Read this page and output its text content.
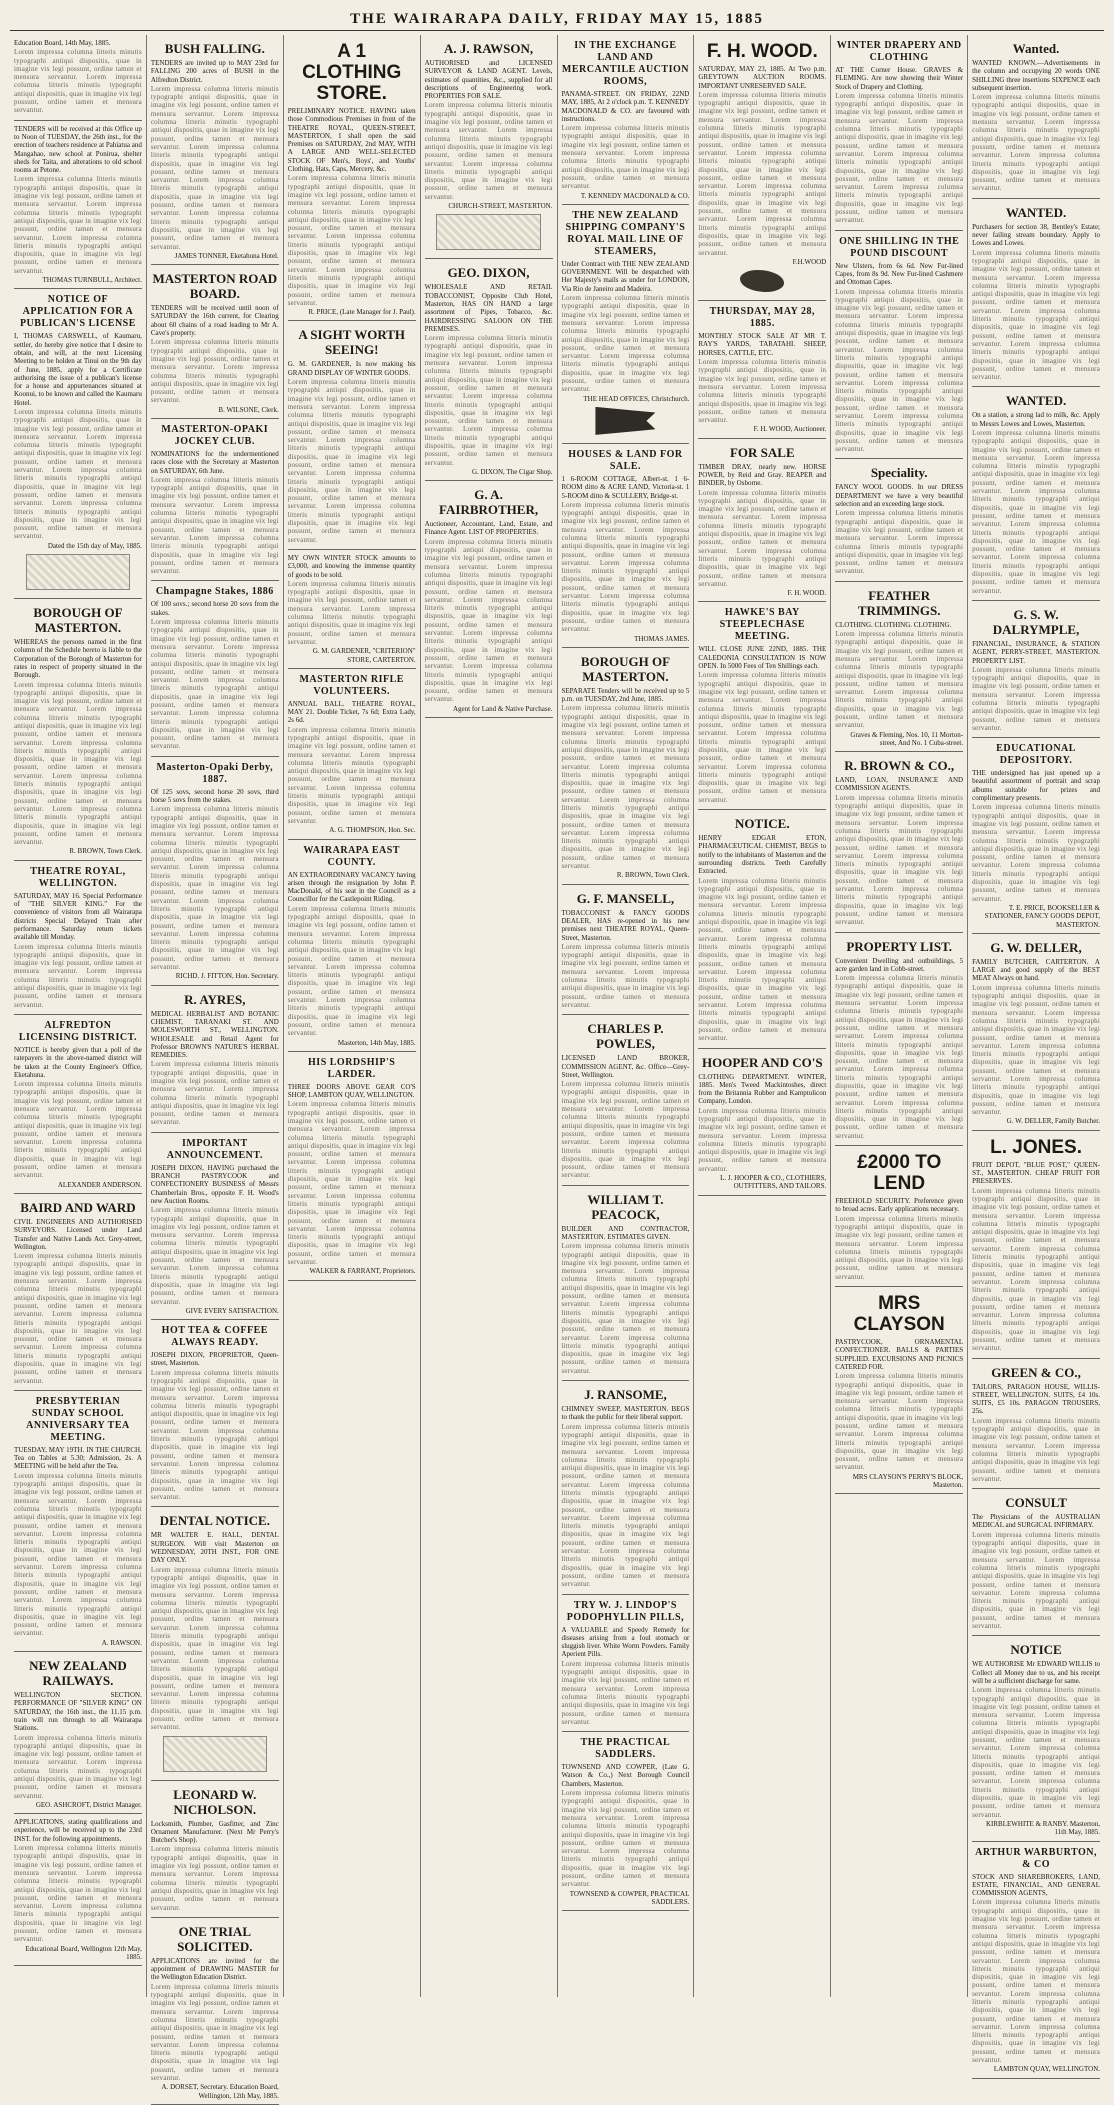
THE WAIRARAPA DAILY, FRIDAY MAY 15, 1885
Education Board, 14th May, 1885.
Lorem impressa columna litteris minutis typographi antiqui dispositis, quae in imagine vix legi possunt, ordine tamen et mensura servantur. Lorem impressa columna litteris minutis typographi antiqui dispositis, quae in imagine vix legi possunt, ordine tamen et mensura servantur.
TENDERS will be received at this Office up to Noon of TUESDAY, the 26th inst., for the erection of teachers residence at Pahiatua and Mangahao, new school at Ponirua, shelter sheds for Taita, and alterations to old school rooms at Petone.
Lorem impressa columna litteris minutis typographi antiqui dispositis, quae in imagine vix legi possunt, ordine tamen et mensura servantur. Lorem impressa columna litteris minutis typographi antiqui dispositis, quae in imagine vix legi possunt, ordine tamen et mensura servantur. Lorem impressa columna litteris minutis typographi antiqui dispositis, quae in imagine vix legi possunt, ordine tamen et mensura servantur.
THOMAS TURNBULL, Architect.
NOTICE OF APPLICATION FOR A PUBLICAN'S LICENSE
I, THOMAS CARSWELL, of Kaumaru, settler, do hereby give notice that I desire to obtain, and will, at the next Licensing Meeting to be holden at Tinui on the 9th day of June, 1885, apply for a Certificate authorising the issue of a publican's license for a house and appurtenances situated at Koonui, to be known and called the Kaumaru Hotel.
Lorem impressa columna litteris minutis typographi antiqui dispositis, quae in imagine vix legi possunt, ordine tamen et mensura servantur. Lorem impressa columna litteris minutis typographi antiqui dispositis, quae in imagine vix legi possunt, ordine tamen et mensura servantur. Lorem impressa columna litteris minutis typographi antiqui dispositis, quae in imagine vix legi possunt, ordine tamen et mensura servantur. Lorem impressa columna litteris minutis typographi antiqui dispositis, quae in imagine vix legi possunt, ordine tamen et mensura servantur.
Dated the 15th day of May, 1885.
BOROUGH OF MASTERTON.
WHEREAS the persons named in the first column of the Schedule hereto is liable to the Corporation of the Borough of Masterton for rates in respect of property situated in the Borough.
Lorem impressa columna litteris minutis typographi antiqui dispositis, quae in imagine vix legi possunt, ordine tamen et mensura servantur. Lorem impressa columna litteris minutis typographi antiqui dispositis, quae in imagine vix legi possunt, ordine tamen et mensura servantur. Lorem impressa columna litteris minutis typographi antiqui dispositis, quae in imagine vix legi possunt, ordine tamen et mensura servantur. Lorem impressa columna litteris minutis typographi antiqui dispositis, quae in imagine vix legi possunt, ordine tamen et mensura servantur. Lorem impressa columna litteris minutis typographi antiqui dispositis, quae in imagine vix legi possunt, ordine tamen et mensura servantur.
R. BROWN, Town Clerk.
THEATRE ROYAL, WELLINGTON.
SATURDAY, MAY 16. Special Performance of "THE SILVER KING." For the convenience of visitors from all Wairarapa districts Special Delayed Train after performance. Saturday return tickets available till Monday.
Lorem impressa columna litteris minutis typographi antiqui dispositis, quae in imagine vix legi possunt, ordine tamen et mensura servantur. Lorem impressa columna litteris minutis typographi antiqui dispositis, quae in imagine vix legi possunt, ordine tamen et mensura servantur.
ALFREDTON LICENSING DISTRICT.
NOTICE is hereby given that a poll of the ratepayers in the above-named district will be taken at the County Engineer's Office, Eketahuna.
Lorem impressa columna litteris minutis typographi antiqui dispositis, quae in imagine vix legi possunt, ordine tamen et mensura servantur. Lorem impressa columna litteris minutis typographi antiqui dispositis, quae in imagine vix legi possunt, ordine tamen et mensura servantur. Lorem impressa columna litteris minutis typographi antiqui dispositis, quae in imagine vix legi possunt, ordine tamen et mensura servantur.
ALEXANDER ANDERSON.
BAIRD AND WARD
CIVIL ENGINEERS AND AUTHORISED SURVEYORS. Licensed under Land Transfer and Native Lands Act. Grey-street, Wellington.
Lorem impressa columna litteris minutis typographi antiqui dispositis, quae in imagine vix legi possunt, ordine tamen et mensura servantur. Lorem impressa columna litteris minutis typographi antiqui dispositis, quae in imagine vix legi possunt, ordine tamen et mensura servantur. Lorem impressa columna litteris minutis typographi antiqui dispositis, quae in imagine vix legi possunt, ordine tamen et mensura servantur. Lorem impressa columna litteris minutis typographi antiqui dispositis, quae in imagine vix legi possunt, ordine tamen et mensura servantur.
PRESBYTERIAN SUNDAY SCHOOL ANNIVERSARY TEA MEETING.
TUESDAY, MAY 19TH. IN THE CHURCH. Tea on Tables at 5.30; Admission, 2s. A MEETING will be held after the Tea.
Lorem impressa columna litteris minutis typographi antiqui dispositis, quae in imagine vix legi possunt, ordine tamen et mensura servantur. Lorem impressa columna litteris minutis typographi antiqui dispositis, quae in imagine vix legi possunt, ordine tamen et mensura servantur. Lorem impressa columna litteris minutis typographi antiqui dispositis, quae in imagine vix legi possunt, ordine tamen et mensura servantur. Lorem impressa columna litteris minutis typographi antiqui dispositis, quae in imagine vix legi possunt, ordine tamen et mensura servantur. Lorem impressa columna litteris minutis typographi antiqui dispositis, quae in imagine vix legi possunt, ordine tamen et mensura servantur.
A. RAWSON.
NEW ZEALAND RAILWAYS.
WELLINGTON SECTION. PERFORMANCE OF "SILVER KING" ON SATURDAY, the 16th inst., the 11.15 p.m. train will run through to all Wairarapa Stations.
Lorem impressa columna litteris minutis typographi antiqui dispositis, quae in imagine vix legi possunt, ordine tamen et mensura servantur. Lorem impressa columna litteris minutis typographi antiqui dispositis, quae in imagine vix legi possunt, ordine tamen et mensura servantur.
GEO. ASHCROFT, District Manager.
APPLICATIONS, stating qualifications and experience, will be received up to the 23rd INST. for the following appointments.
Lorem impressa columna litteris minutis typographi antiqui dispositis, quae in imagine vix legi possunt, ordine tamen et mensura servantur. Lorem impressa columna litteris minutis typographi antiqui dispositis, quae in imagine vix legi possunt, ordine tamen et mensura servantur. Lorem impressa columna litteris minutis typographi antiqui dispositis, quae in imagine vix legi possunt, ordine tamen et mensura servantur.
Educational Board, Wellington 12th May, 1885.
BUSH FALLING.
TENDERS are invited up to MAY 23rd for FALLING 200 acres of BUSH in the Alfredton District.
Lorem impressa columna litteris minutis typographi antiqui dispositis, quae in imagine vix legi possunt, ordine tamen et mensura servantur. Lorem impressa columna litteris minutis typographi antiqui dispositis, quae in imagine vix legi possunt, ordine tamen et mensura servantur. Lorem impressa columna litteris minutis typographi antiqui dispositis, quae in imagine vix legi possunt, ordine tamen et mensura servantur. Lorem impressa columna litteris minutis typographi antiqui dispositis, quae in imagine vix legi possunt, ordine tamen et mensura servantur. Lorem impressa columna litteris minutis typographi antiqui dispositis, quae in imagine vix legi possunt, ordine tamen et mensura servantur.
JAMES TONNER, Eketahuna Hotel.
MASTERTON ROAD BOARD.
TENDERS will be received until noon of SATURDAY the 16th current, for Clearing about 60 chains of a road leading to Mr A. Cave's property.
Lorem impressa columna litteris minutis typographi antiqui dispositis, quae in imagine vix legi possunt, ordine tamen et mensura servantur. Lorem impressa columna litteris minutis typographi antiqui dispositis, quae in imagine vix legi possunt, ordine tamen et mensura servantur.
B. WILSONE, Clerk.
MASTERTON-OPAKI JOCKEY CLUB.
NOMINATIONS for the undermentioned races close with the Secretary at Masterton on SATURDAY, 6th June.
Lorem impressa columna litteris minutis typographi antiqui dispositis, quae in imagine vix legi possunt, ordine tamen et mensura servantur. Lorem impressa columna litteris minutis typographi antiqui dispositis, quae in imagine vix legi possunt, ordine tamen et mensura servantur. Lorem impressa columna litteris minutis typographi antiqui dispositis, quae in imagine vix legi possunt, ordine tamen et mensura servantur.
Champagne Stakes, 1886
Of 100 sovs.; second horse 20 sovs from the stakes.
Lorem impressa columna litteris minutis typographi antiqui dispositis, quae in imagine vix legi possunt, ordine tamen et mensura servantur. Lorem impressa columna litteris minutis typographi antiqui dispositis, quae in imagine vix legi possunt, ordine tamen et mensura servantur. Lorem impressa columna litteris minutis typographi antiqui dispositis, quae in imagine vix legi possunt, ordine tamen et mensura servantur. Lorem impressa columna litteris minutis typographi antiqui dispositis, quae in imagine vix legi possunt, ordine tamen et mensura servantur.
Masterton-Opaki Derby, 1887.
Of 125 sovs, second horse 20 sovs, third horse 5 sovs from the stakes.
Lorem impressa columna litteris minutis typographi antiqui dispositis, quae in imagine vix legi possunt, ordine tamen et mensura servantur. Lorem impressa columna litteris minutis typographi antiqui dispositis, quae in imagine vix legi possunt, ordine tamen et mensura servantur. Lorem impressa columna litteris minutis typographi antiqui dispositis, quae in imagine vix legi possunt, ordine tamen et mensura servantur. Lorem impressa columna litteris minutis typographi antiqui dispositis, quae in imagine vix legi possunt, ordine tamen et mensura servantur. Lorem impressa columna litteris minutis typographi antiqui dispositis, quae in imagine vix legi possunt, ordine tamen et mensura servantur.
RICHD. J. FITTON, Hon. Secretary.
R. AYRES,
MEDICAL HERBALIST AND BOTANIC CHEMIST, TARANAKI ST. AND MOLESWORTH ST., WELLINGTON. WHOLESALE and Retail Agent for Professor BROWN'S NATURE'S HERBAL REMEDIES.
Lorem impressa columna litteris minutis typographi antiqui dispositis, quae in imagine vix legi possunt, ordine tamen et mensura servantur. Lorem impressa columna litteris minutis typographi antiqui dispositis, quae in imagine vix legi possunt, ordine tamen et mensura servantur.
IMPORTANT ANNOUNCEMENT.
JOSEPH DIXON, HAVING purchased the BRANCH PASTRYCOOK and CONFECTIONERY BUSINESS of Messrs Chamberlain Bros., opposite F. H. Wood's new Auction Rooms.
Lorem impressa columna litteris minutis typographi antiqui dispositis, quae in imagine vix legi possunt, ordine tamen et mensura servantur. Lorem impressa columna litteris minutis typographi antiqui dispositis, quae in imagine vix legi possunt, ordine tamen et mensura servantur. Lorem impressa columna litteris minutis typographi antiqui dispositis, quae in imagine vix legi possunt, ordine tamen et mensura servantur.
GIVE EVERY SATISFACTION.
HOT TEA & COFFEE ALWAYS READY.
JOSEPH DIXON, PROPRIETOR, Queen-street, Masterton.
Lorem impressa columna litteris minutis typographi antiqui dispositis, quae in imagine vix legi possunt, ordine tamen et mensura servantur. Lorem impressa columna litteris minutis typographi antiqui dispositis, quae in imagine vix legi possunt, ordine tamen et mensura servantur. Lorem impressa columna litteris minutis typographi antiqui dispositis, quae in imagine vix legi possunt, ordine tamen et mensura servantur. Lorem impressa columna litteris minutis typographi antiqui dispositis, quae in imagine vix legi possunt, ordine tamen et mensura servantur.
DENTAL NOTICE.
MR WALTER E. HALL, DENTAL SURGEON. Will visit Masterton on WEDNESDAY, 20TH INST., FOR ONE DAY ONLY.
Lorem impressa columna litteris minutis typographi antiqui dispositis, quae in imagine vix legi possunt, ordine tamen et mensura servantur. Lorem impressa columna litteris minutis typographi antiqui dispositis, quae in imagine vix legi possunt, ordine tamen et mensura servantur. Lorem impressa columna litteris minutis typographi antiqui dispositis, quae in imagine vix legi possunt, ordine tamen et mensura servantur. Lorem impressa columna litteris minutis typographi antiqui dispositis, quae in imagine vix legi possunt, ordine tamen et mensura servantur. Lorem impressa columna litteris minutis typographi antiqui dispositis, quae in imagine vix legi possunt, ordine tamen et mensura servantur.
LEONARD W. NICHOLSON.
Locksmith, Plumber, Gasfitter, and Zinc Ornament Manufacturer. (Next Mr Perry's Butcher's Shop).
Lorem impressa columna litteris minutis typographi antiqui dispositis, quae in imagine vix legi possunt, ordine tamen et mensura servantur. Lorem impressa columna litteris minutis typographi antiqui dispositis, quae in imagine vix legi possunt, ordine tamen et mensura servantur.
ONE TRIAL SOLICITED.
APPLICATIONS are invited for the appointment of DRAWING MASTER for the Wellington Education District.
Lorem impressa columna litteris minutis typographi antiqui dispositis, quae in imagine vix legi possunt, ordine tamen et mensura servantur. Lorem impressa columna litteris minutis typographi antiqui dispositis, quae in imagine vix legi possunt, ordine tamen et mensura servantur. Lorem impressa columna litteris minutis typographi antiqui dispositis, quae in imagine vix legi possunt, ordine tamen et mensura servantur.
A. DORSET, Secretary. Education Board, Wellington, 12th May, 1885.
A 1 CLOTHING STORE.
PRELIMINARY NOTICE. HAVING taken those Commodious Premises in front of the THEATRE ROYAL, QUEEN-STREET, MASTERTON, I shall open the said Premises on SATURDAY, 2nd MAY, WITH A LARGE AND WELL-SELECTED STOCK OF Men's, Boys', and Youths' Clothing, Hats, Caps, Mercery, &c.
Lorem impressa columna litteris minutis typographi antiqui dispositis, quae in imagine vix legi possunt, ordine tamen et mensura servantur. Lorem impressa columna litteris minutis typographi antiqui dispositis, quae in imagine vix legi possunt, ordine tamen et mensura servantur. Lorem impressa columna litteris minutis typographi antiqui dispositis, quae in imagine vix legi possunt, ordine tamen et mensura servantur. Lorem impressa columna litteris minutis typographi antiqui dispositis, quae in imagine vix legi possunt, ordine tamen et mensura servantur.
R. PRICE, (Late Manager for J. Paul).
A SIGHT WORTH SEEING!
G. M. GARDENER, Is now making his GRAND DISPLAY OF WINTER GOODS.
Lorem impressa columna litteris minutis typographi antiqui dispositis, quae in imagine vix legi possunt, ordine tamen et mensura servantur. Lorem impressa columna litteris minutis typographi antiqui dispositis, quae in imagine vix legi possunt, ordine tamen et mensura servantur. Lorem impressa columna litteris minutis typographi antiqui dispositis, quae in imagine vix legi possunt, ordine tamen et mensura servantur. Lorem impressa columna litteris minutis typographi antiqui dispositis, quae in imagine vix legi possunt, ordine tamen et mensura servantur. Lorem impressa columna litteris minutis typographi antiqui dispositis, quae in imagine vix legi possunt, ordine tamen et mensura servantur.
MY OWN WINTER STOCK amounts to £3,000, and knowing the immense quantity of goods to be sold.
Lorem impressa columna litteris minutis typographi antiqui dispositis, quae in imagine vix legi possunt, ordine tamen et mensura servantur. Lorem impressa columna litteris minutis typographi antiqui dispositis, quae in imagine vix legi possunt, ordine tamen et mensura servantur.
G. M. GARDENER, "CRITERION" STORE, CARTERTON.
MASTERTON RIFLE VOLUNTEERS.
ANNUAL BALL. THEATRE ROYAL, MAY 21. Double Ticket, 7s 6d; Extra Lady, 2s 6d.
Lorem impressa columna litteris minutis typographi antiqui dispositis, quae in imagine vix legi possunt, ordine tamen et mensura servantur. Lorem impressa columna litteris minutis typographi antiqui dispositis, quae in imagine vix legi possunt, ordine tamen et mensura servantur. Lorem impressa columna litteris minutis typographi antiqui dispositis, quae in imagine vix legi possunt, ordine tamen et mensura servantur.
A. G. THOMPSON, Hon. Sec.
WAIRARAPA EAST COUNTY.
AN EXTRAORDINARY VACANCY having arisen through the resignation by John P. MacDonald, of his seat in the Council as a Councillor for the Castlepoint Riding.
Lorem impressa columna litteris minutis typographi antiqui dispositis, quae in imagine vix legi possunt, ordine tamen et mensura servantur. Lorem impressa columna litteris minutis typographi antiqui dispositis, quae in imagine vix legi possunt, ordine tamen et mensura servantur. Lorem impressa columna litteris minutis typographi antiqui dispositis, quae in imagine vix legi possunt, ordine tamen et mensura servantur. Lorem impressa columna litteris minutis typographi antiqui dispositis, quae in imagine vix legi possunt, ordine tamen et mensura servantur.
Masterton, 14th May, 1885.
HIS LORDSHIP'S LARDER.
THREE DOORS ABOVE GEAR CO'S SHOP, LAMBTON QUAY, WELLINGTON.
Lorem impressa columna litteris minutis typographi antiqui dispositis, quae in imagine vix legi possunt, ordine tamen et mensura servantur. Lorem impressa columna litteris minutis typographi antiqui dispositis, quae in imagine vix legi possunt, ordine tamen et mensura servantur. Lorem impressa columna litteris minutis typographi antiqui dispositis, quae in imagine vix legi possunt, ordine tamen et mensura servantur. Lorem impressa columna litteris minutis typographi antiqui dispositis, quae in imagine vix legi possunt, ordine tamen et mensura servantur. Lorem impressa columna litteris minutis typographi antiqui dispositis, quae in imagine vix legi possunt, ordine tamen et mensura servantur.
WALKER & FARRANT, Proprietors.
A. J. RAWSON,
AUTHORISED and LICENSED SURVEYOR & LAND AGENT. Levels, estimates of quantities, &c., supplied for all descriptions of Engineering work. PROPERTIES FOR SALE.
Lorem impressa columna litteris minutis typographi antiqui dispositis, quae in imagine vix legi possunt, ordine tamen et mensura servantur. Lorem impressa columna litteris minutis typographi antiqui dispositis, quae in imagine vix legi possunt, ordine tamen et mensura servantur. Lorem impressa columna litteris minutis typographi antiqui dispositis, quae in imagine vix legi possunt, ordine tamen et mensura servantur.
CHURCH-STREET, MASTERTON.
GEO. DIXON,
WHOLESALE AND RETAIL TOBACCONIST, Opposite Club Hotel, Masterton, HAS ON HAND a large assortment of Pipes, Tobacco, &c. HAIRDRESSING SALOON ON THE PREMISES.
Lorem impressa columna litteris minutis typographi antiqui dispositis, quae in imagine vix legi possunt, ordine tamen et mensura servantur. Lorem impressa columna litteris minutis typographi antiqui dispositis, quae in imagine vix legi possunt, ordine tamen et mensura servantur. Lorem impressa columna litteris minutis typographi antiqui dispositis, quae in imagine vix legi possunt, ordine tamen et mensura servantur. Lorem impressa columna litteris minutis typographi antiqui dispositis, quae in imagine vix legi possunt, ordine tamen et mensura servantur.
G. DIXON, The Cigar Shop.
G. A. FAIRBROTHER,
Auctioneer, Accountant, Land, Estate, and Finance Agent. LIST OF PROPERTIES.
Lorem impressa columna litteris minutis typographi antiqui dispositis, quae in imagine vix legi possunt, ordine tamen et mensura servantur. Lorem impressa columna litteris minutis typographi antiqui dispositis, quae in imagine vix legi possunt, ordine tamen et mensura servantur. Lorem impressa columna litteris minutis typographi antiqui dispositis, quae in imagine vix legi possunt, ordine tamen et mensura servantur. Lorem impressa columna litteris minutis typographi antiqui dispositis, quae in imagine vix legi possunt, ordine tamen et mensura servantur. Lorem impressa columna litteris minutis typographi antiqui dispositis, quae in imagine vix legi possunt, ordine tamen et mensura servantur.
Agent for Land & Native Purchase.
IN THE EXCHANGE LAND AND MERCANTILE AUCTION ROOMS,
PANAMA-STREET. ON FRIDAY, 22ND MAY, 1885, At 2 o'clock p.m. T. KENNEDY MACDONALD & CO. are favoured with instructions.
Lorem impressa columna litteris minutis typographi antiqui dispositis, quae in imagine vix legi possunt, ordine tamen et mensura servantur. Lorem impressa columna litteris minutis typographi antiqui dispositis, quae in imagine vix legi possunt, ordine tamen et mensura servantur.
T. KENNEDY MACDONALD & CO.
THE NEW ZEALAND SHIPPING COMPANY'S ROYAL MAIL LINE OF STEAMERS,
Under Contract with THE NEW ZEALAND GOVERNMENT. Will be despatched with Her Majesty's mails as under for LONDON, Via Rio de Janeiro and Madeira.
Lorem impressa columna litteris minutis typographi antiqui dispositis, quae in imagine vix legi possunt, ordine tamen et mensura servantur. Lorem impressa columna litteris minutis typographi antiqui dispositis, quae in imagine vix legi possunt, ordine tamen et mensura servantur. Lorem impressa columna litteris minutis typographi antiqui dispositis, quae in imagine vix legi possunt, ordine tamen et mensura servantur.
THE HEAD OFFICES, Christchurch.
HOUSES & LAND FOR SALE.
1 6-ROOM COTTAGE, Albert-st. 1 6-ROOM ditto & ACRE LAND, Victoria-st. 1 5-ROOM ditto & SCULLERY, Bridge-st.
Lorem impressa columna litteris minutis typographi antiqui dispositis, quae in imagine vix legi possunt, ordine tamen et mensura servantur. Lorem impressa columna litteris minutis typographi antiqui dispositis, quae in imagine vix legi possunt, ordine tamen et mensura servantur. Lorem impressa columna litteris minutis typographi antiqui dispositis, quae in imagine vix legi possunt, ordine tamen et mensura servantur. Lorem impressa columna litteris minutis typographi antiqui dispositis, quae in imagine vix legi possunt, ordine tamen et mensura servantur.
THOMAS JAMES.
BOROUGH OF MASTERTON.
SEPARATE Tenders will be received up to 5 p.m. on TUESDAY, 2nd June, 1885.
Lorem impressa columna litteris minutis typographi antiqui dispositis, quae in imagine vix legi possunt, ordine tamen et mensura servantur. Lorem impressa columna litteris minutis typographi antiqui dispositis, quae in imagine vix legi possunt, ordine tamen et mensura servantur. Lorem impressa columna litteris minutis typographi antiqui dispositis, quae in imagine vix legi possunt, ordine tamen et mensura servantur. Lorem impressa columna litteris minutis typographi antiqui dispositis, quae in imagine vix legi possunt, ordine tamen et mensura servantur. Lorem impressa columna litteris minutis typographi antiqui dispositis, quae in imagine vix legi possunt, ordine tamen et mensura servantur.
R. BROWN, Town Clerk.
G. F. MANSELL,
TOBACCONIST & FANCY GOODS DEALER, HAS re-opened in his new premises next THEATRE ROYAL, Queen-Street, Masterton.
Lorem impressa columna litteris minutis typographi antiqui dispositis, quae in imagine vix legi possunt, ordine tamen et mensura servantur. Lorem impressa columna litteris minutis typographi antiqui dispositis, quae in imagine vix legi possunt, ordine tamen et mensura servantur.
CHARLES P. POWLES,
LICENSED LAND BROKER, COMMISSION AGENT, &c. Office—Grey-Street, Wellington.
Lorem impressa columna litteris minutis typographi antiqui dispositis, quae in imagine vix legi possunt, ordine tamen et mensura servantur. Lorem impressa columna litteris minutis typographi antiqui dispositis, quae in imagine vix legi possunt, ordine tamen et mensura servantur. Lorem impressa columna litteris minutis typographi antiqui dispositis, quae in imagine vix legi possunt, ordine tamen et mensura servantur.
WILLIAM T. PEACOCK,
BUILDER AND CONTRACTOR, MASTERTON. ESTIMATES GIVEN.
Lorem impressa columna litteris minutis typographi antiqui dispositis, quae in imagine vix legi possunt, ordine tamen et mensura servantur. Lorem impressa columna litteris minutis typographi antiqui dispositis, quae in imagine vix legi possunt, ordine tamen et mensura servantur. Lorem impressa columna litteris minutis typographi antiqui dispositis, quae in imagine vix legi possunt, ordine tamen et mensura servantur. Lorem impressa columna litteris minutis typographi antiqui dispositis, quae in imagine vix legi possunt, ordine tamen et mensura servantur.
J. RANSOME,
CHIMNEY SWEEP, MASTERTON. BEGS to thank the public for their liberal support.
Lorem impressa columna litteris minutis typographi antiqui dispositis, quae in imagine vix legi possunt, ordine tamen et mensura servantur. Lorem impressa columna litteris minutis typographi antiqui dispositis, quae in imagine vix legi possunt, ordine tamen et mensura servantur. Lorem impressa columna litteris minutis typographi antiqui dispositis, quae in imagine vix legi possunt, ordine tamen et mensura servantur. Lorem impressa columna litteris minutis typographi antiqui dispositis, quae in imagine vix legi possunt, ordine tamen et mensura servantur. Lorem impressa columna litteris minutis typographi antiqui dispositis, quae in imagine vix legi possunt, ordine tamen et mensura servantur.
TRY W. J. LINDOP'S PODOPHYLLIN PILLS,
A VALUABLE and Speedy Remedy for diseases arising from a foul stomach or sluggish liver. White Worm Powders. Family Aperient Pills.
Lorem impressa columna litteris minutis typographi antiqui dispositis, quae in imagine vix legi possunt, ordine tamen et mensura servantur. Lorem impressa columna litteris minutis typographi antiqui dispositis, quae in imagine vix legi possunt, ordine tamen et mensura servantur.
THE PRACTICAL SADDLERS.
TOWNSEND AND COWPER, (Late G. Watson & Co.,) Next Borough Council Chambers, Masterton.
Lorem impressa columna litteris minutis typographi antiqui dispositis, quae in imagine vix legi possunt, ordine tamen et mensura servantur. Lorem impressa columna litteris minutis typographi antiqui dispositis, quae in imagine vix legi possunt, ordine tamen et mensura servantur. Lorem impressa columna litteris minutis typographi antiqui dispositis, quae in imagine vix legi possunt, ordine tamen et mensura servantur.
TOWNSEND & COWPER, PRACTICAL SADDLERS.
F. H. WOOD.
SATURDAY, MAY 23, 1885. At Two p.m. GREYTOWN AUCTION ROOMS. IMPORTANT UNRESERVED SALE.
Lorem impressa columna litteris minutis typographi antiqui dispositis, quae in imagine vix legi possunt, ordine tamen et mensura servantur. Lorem impressa columna litteris minutis typographi antiqui dispositis, quae in imagine vix legi possunt, ordine tamen et mensura servantur. Lorem impressa columna litteris minutis typographi antiqui dispositis, quae in imagine vix legi possunt, ordine tamen et mensura servantur. Lorem impressa columna litteris minutis typographi antiqui dispositis, quae in imagine vix legi possunt, ordine tamen et mensura servantur. Lorem impressa columna litteris minutis typographi antiqui dispositis, quae in imagine vix legi possunt, ordine tamen et mensura servantur.
F.H.WOOD
THURSDAY, MAY 28, 1885.
MONTHLY STOCK SALE AT MR T. RAY'S YARDS, TARATAHI. SHEEP, HORSES, CATTLE, ETC.
Lorem impressa columna litteris minutis typographi antiqui dispositis, quae in imagine vix legi possunt, ordine tamen et mensura servantur. Lorem impressa columna litteris minutis typographi antiqui dispositis, quae in imagine vix legi possunt, ordine tamen et mensura servantur.
F. H. WOOD, Auctioneer.
FOR SALE
TIMBER DRAY, nearly new. HORSE POWER, by Reid and Gray. REAPER and BINDER, by Osborne.
Lorem impressa columna litteris minutis typographi antiqui dispositis, quae in imagine vix legi possunt, ordine tamen et mensura servantur. Lorem impressa columna litteris minutis typographi antiqui dispositis, quae in imagine vix legi possunt, ordine tamen et mensura servantur. Lorem impressa columna litteris minutis typographi antiqui dispositis, quae in imagine vix legi possunt, ordine tamen et mensura servantur.
F. H. WOOD.
HAWKE'S BAY STEEPLECHASE MEETING.
WILL CLOSE JUNE 22ND, 1885. THE CALEDONIA CONSULTATION IS NOW OPEN. In 5000 Fees of Ten Shillings each.
Lorem impressa columna litteris minutis typographi antiqui dispositis, quae in imagine vix legi possunt, ordine tamen et mensura servantur. Lorem impressa columna litteris minutis typographi antiqui dispositis, quae in imagine vix legi possunt, ordine tamen et mensura servantur. Lorem impressa columna litteris minutis typographi antiqui dispositis, quae in imagine vix legi possunt, ordine tamen et mensura servantur. Lorem impressa columna litteris minutis typographi antiqui dispositis, quae in imagine vix legi possunt, ordine tamen et mensura servantur.
NOTICE.
HENRY EDGAR ETON, PHARMACEUTICAL CHEMIST, BEGS to notify to the inhabitants of Masterton and the surrounding districts. Teeth Carefully Extracted.
Lorem impressa columna litteris minutis typographi antiqui dispositis, quae in imagine vix legi possunt, ordine tamen et mensura servantur. Lorem impressa columna litteris minutis typographi antiqui dispositis, quae in imagine vix legi possunt, ordine tamen et mensura servantur. Lorem impressa columna litteris minutis typographi antiqui dispositis, quae in imagine vix legi possunt, ordine tamen et mensura servantur. Lorem impressa columna litteris minutis typographi antiqui dispositis, quae in imagine vix legi possunt, ordine tamen et mensura servantur. Lorem impressa columna litteris minutis typographi antiqui dispositis, quae in imagine vix legi possunt, ordine tamen et mensura servantur.
HOOPER AND CO'S
CLOTHING DEPARTMENT. WINTER, 1885. Men's Tweed Mackintoshes, direct from the Britannia Rubber and Kamptulicon Company, London.
Lorem impressa columna litteris minutis typographi antiqui dispositis, quae in imagine vix legi possunt, ordine tamen et mensura servantur. Lorem impressa columna litteris minutis typographi antiqui dispositis, quae in imagine vix legi possunt, ordine tamen et mensura servantur.
L. J. HOOPER & CO., CLOTHIERS, OUTFITTERS, AND TAILORS.
WINTER DRAPERY AND CLOTHING
AT THE Corner House. GRAVES & FLEMING. Are now showing their Winter Stock of Drapery and Clothing.
Lorem impressa columna litteris minutis typographi antiqui dispositis, quae in imagine vix legi possunt, ordine tamen et mensura servantur. Lorem impressa columna litteris minutis typographi antiqui dispositis, quae in imagine vix legi possunt, ordine tamen et mensura servantur. Lorem impressa columna litteris minutis typographi antiqui dispositis, quae in imagine vix legi possunt, ordine tamen et mensura servantur. Lorem impressa columna litteris minutis typographi antiqui dispositis, quae in imagine vix legi possunt, ordine tamen et mensura servantur.
ONE SHILLING IN THE POUND DISCOUNT
New Ulsters, from 6s 6d. New Fur-lined Capes, from 8s 9d. New Fur-lined Cashmere and Ottoman Capes.
Lorem impressa columna litteris minutis typographi antiqui dispositis, quae in imagine vix legi possunt, ordine tamen et mensura servantur. Lorem impressa columna litteris minutis typographi antiqui dispositis, quae in imagine vix legi possunt, ordine tamen et mensura servantur. Lorem impressa columna litteris minutis typographi antiqui dispositis, quae in imagine vix legi possunt, ordine tamen et mensura servantur. Lorem impressa columna litteris minutis typographi antiqui dispositis, quae in imagine vix legi possunt, ordine tamen et mensura servantur. Lorem impressa columna litteris minutis typographi antiqui dispositis, quae in imagine vix legi possunt, ordine tamen et mensura servantur.
Speciality.
FANCY WOOL GOODS. In our DRESS DEPARTMENT we have a very beautiful selection and an exceeding large stock.
Lorem impressa columna litteris minutis typographi antiqui dispositis, quae in imagine vix legi possunt, ordine tamen et mensura servantur. Lorem impressa columna litteris minutis typographi antiqui dispositis, quae in imagine vix legi possunt, ordine tamen et mensura servantur.
FEATHER TRIMMINGS.
CLOTHING. CLOTHING. CLOTHING.
Lorem impressa columna litteris minutis typographi antiqui dispositis, quae in imagine vix legi possunt, ordine tamen et mensura servantur. Lorem impressa columna litteris minutis typographi antiqui dispositis, quae in imagine vix legi possunt, ordine tamen et mensura servantur. Lorem impressa columna litteris minutis typographi antiqui dispositis, quae in imagine vix legi possunt, ordine tamen et mensura servantur.
Graves & Fleming, Nos. 10, 11 Morton-street, And No. 1 Cuba-street.
R. BROWN & CO.,
LAND, LOAN, INSURANCE AND COMMISSION AGENTS.
Lorem impressa columna litteris minutis typographi antiqui dispositis, quae in imagine vix legi possunt, ordine tamen et mensura servantur. Lorem impressa columna litteris minutis typographi antiqui dispositis, quae in imagine vix legi possunt, ordine tamen et mensura servantur. Lorem impressa columna litteris minutis typographi antiqui dispositis, quae in imagine vix legi possunt, ordine tamen et mensura servantur. Lorem impressa columna litteris minutis typographi antiqui dispositis, quae in imagine vix legi possunt, ordine tamen et mensura servantur.
PROPERTY LIST.
Convenient Dwelling and outbuildings, 5 acre garden land in Cobb-street.
Lorem impressa columna litteris minutis typographi antiqui dispositis, quae in imagine vix legi possunt, ordine tamen et mensura servantur. Lorem impressa columna litteris minutis typographi antiqui dispositis, quae in imagine vix legi possunt, ordine tamen et mensura servantur. Lorem impressa columna litteris minutis typographi antiqui dispositis, quae in imagine vix legi possunt, ordine tamen et mensura servantur. Lorem impressa columna litteris minutis typographi antiqui dispositis, quae in imagine vix legi possunt, ordine tamen et mensura servantur. Lorem impressa columna litteris minutis typographi antiqui dispositis, quae in imagine vix legi possunt, ordine tamen et mensura servantur.
£2000 TO LEND
FREEHOLD SECURITY. Preference given to broad acres. Early applications necessary.
Lorem impressa columna litteris minutis typographi antiqui dispositis, quae in imagine vix legi possunt, ordine tamen et mensura servantur. Lorem impressa columna litteris minutis typographi antiqui dispositis, quae in imagine vix legi possunt, ordine tamen et mensura servantur.
MRS CLAYSON
PASTRYCOOK, ORNAMENTAL CONFECTIONER. BALLS & PARTIES SUPPLIED. EXCURSIONS AND PICNICS CATERED FOR.
Lorem impressa columna litteris minutis typographi antiqui dispositis, quae in imagine vix legi possunt, ordine tamen et mensura servantur. Lorem impressa columna litteris minutis typographi antiqui dispositis, quae in imagine vix legi possunt, ordine tamen et mensura servantur. Lorem impressa columna litteris minutis typographi antiqui dispositis, quae in imagine vix legi possunt, ordine tamen et mensura servantur.
MRS CLAYSON'S PERRY'S BLOCK, Masterton.
Wanted.
WANTED KNOWN.—Advertisements in the column and occupying 20 words ONE SHILLING three insertions SIXPENCE each subsequent insertion.
Lorem impressa columna litteris minutis typographi antiqui dispositis, quae in imagine vix legi possunt, ordine tamen et mensura servantur. Lorem impressa columna litteris minutis typographi antiqui dispositis, quae in imagine vix legi possunt, ordine tamen et mensura servantur. Lorem impressa columna litteris minutis typographi antiqui dispositis, quae in imagine vix legi possunt, ordine tamen et mensura servantur.
WANTED.
Purchasers for section 38, Bentley's Estate; never failing stream boundary. Apply to Lowes and Lowes.
Lorem impressa columna litteris minutis typographi antiqui dispositis, quae in imagine vix legi possunt, ordine tamen et mensura servantur. Lorem impressa columna litteris minutis typographi antiqui dispositis, quae in imagine vix legi possunt, ordine tamen et mensura servantur. Lorem impressa columna litteris minutis typographi antiqui dispositis, quae in imagine vix legi possunt, ordine tamen et mensura servantur. Lorem impressa columna litteris minutis typographi antiqui dispositis, quae in imagine vix legi possunt, ordine tamen et mensura servantur.
WANTED.
On a station, a strong lad to milk, &c. Apply to Messrs Lowes and Lowes, Masterton.
Lorem impressa columna litteris minutis typographi antiqui dispositis, quae in imagine vix legi possunt, ordine tamen et mensura servantur. Lorem impressa columna litteris minutis typographi antiqui dispositis, quae in imagine vix legi possunt, ordine tamen et mensura servantur. Lorem impressa columna litteris minutis typographi antiqui dispositis, quae in imagine vix legi possunt, ordine tamen et mensura servantur. Lorem impressa columna litteris minutis typographi antiqui dispositis, quae in imagine vix legi possunt, ordine tamen et mensura servantur. Lorem impressa columna litteris minutis typographi antiqui dispositis, quae in imagine vix legi possunt, ordine tamen et mensura servantur.
G. S. W. DALRYMPLE,
FINANCIAL, INSURANCE, & STATION AGENT, PERRY-STREET, MASTERTON. PROPERTY LIST.
Lorem impressa columna litteris minutis typographi antiqui dispositis, quae in imagine vix legi possunt, ordine tamen et mensura servantur. Lorem impressa columna litteris minutis typographi antiqui dispositis, quae in imagine vix legi possunt, ordine tamen et mensura servantur.
EDUCATIONAL DEPOSITORY.
THE undersigned has just opened up a beautiful assortment of portrait and scrap albums suitable for prizes and complimentary presents.
Lorem impressa columna litteris minutis typographi antiqui dispositis, quae in imagine vix legi possunt, ordine tamen et mensura servantur. Lorem impressa columna litteris minutis typographi antiqui dispositis, quae in imagine vix legi possunt, ordine tamen et mensura servantur. Lorem impressa columna litteris minutis typographi antiqui dispositis, quae in imagine vix legi possunt, ordine tamen et mensura servantur.
T. E. PRICE, BOOKSELLER & STATIONER, FANCY GOODS DEPOT, MASTERTON.
G. W. DELLER,
FAMILY BUTCHER, CARTERTON. A LARGE and good supply of the BEST MEAT Always on hand.
Lorem impressa columna litteris minutis typographi antiqui dispositis, quae in imagine vix legi possunt, ordine tamen et mensura servantur. Lorem impressa columna litteris minutis typographi antiqui dispositis, quae in imagine vix legi possunt, ordine tamen et mensura servantur. Lorem impressa columna litteris minutis typographi antiqui dispositis, quae in imagine vix legi possunt, ordine tamen et mensura servantur. Lorem impressa columna litteris minutis typographi antiqui dispositis, quae in imagine vix legi possunt, ordine tamen et mensura servantur.
G. W. DELLER, Family Butcher.
L. JONES.
FRUIT DEPOT, "BLUE POST," QUEEN-ST., MASTERTON. CHEAP FRUIT FOR PRESERVES.
Lorem impressa columna litteris minutis typographi antiqui dispositis, quae in imagine vix legi possunt, ordine tamen et mensura servantur. Lorem impressa columna litteris minutis typographi antiqui dispositis, quae in imagine vix legi possunt, ordine tamen et mensura servantur. Lorem impressa columna litteris minutis typographi antiqui dispositis, quae in imagine vix legi possunt, ordine tamen et mensura servantur. Lorem impressa columna litteris minutis typographi antiqui dispositis, quae in imagine vix legi possunt, ordine tamen et mensura servantur. Lorem impressa columna litteris minutis typographi antiqui dispositis, quae in imagine vix legi possunt, ordine tamen et mensura servantur.
GREEN & CO.,
TAILORS, PARAGON HOUSE, WILLIS-STREET, WELLINGTON. SUITS, £4 10s. SUITS, £5 10s. PARAGON TROUSERS, 25s.
Lorem impressa columna litteris minutis typographi antiqui dispositis, quae in imagine vix legi possunt, ordine tamen et mensura servantur. Lorem impressa columna litteris minutis typographi antiqui dispositis, quae in imagine vix legi possunt, ordine tamen et mensura servantur.
CONSULT
The Physicians of the AUSTRALIAN MEDICAL and SURGICAL INFIRMARY.
Lorem impressa columna litteris minutis typographi antiqui dispositis, quae in imagine vix legi possunt, ordine tamen et mensura servantur. Lorem impressa columna litteris minutis typographi antiqui dispositis, quae in imagine vix legi possunt, ordine tamen et mensura servantur. Lorem impressa columna litteris minutis typographi antiqui dispositis, quae in imagine vix legi possunt, ordine tamen et mensura servantur.
NOTICE
WE AUTHORISE Mr EDWARD WILLIS to Collect all Money due to us, and his receipt will be a sufficient discharge for same.
Lorem impressa columna litteris minutis typographi antiqui dispositis, quae in imagine vix legi possunt, ordine tamen et mensura servantur. Lorem impressa columna litteris minutis typographi antiqui dispositis, quae in imagine vix legi possunt, ordine tamen et mensura servantur. Lorem impressa columna litteris minutis typographi antiqui dispositis, quae in imagine vix legi possunt, ordine tamen et mensura servantur. Lorem impressa columna litteris minutis typographi antiqui dispositis, quae in imagine vix legi possunt, ordine tamen et mensura servantur.
KIRBLEWHITE & RANBY. Masterton, 11th May, 1885.
ARTHUR WARBURTON, & CO
STOCK AND SHAREBROKERS, LAND, ESTATE, FINANCIAL, AND GENERAL COMMISSION AGENTS,
Lorem impressa columna litteris minutis typographi antiqui dispositis, quae in imagine vix legi possunt, ordine tamen et mensura servantur. Lorem impressa columna litteris minutis typographi antiqui dispositis, quae in imagine vix legi possunt, ordine tamen et mensura servantur. Lorem impressa columna litteris minutis typographi antiqui dispositis, quae in imagine vix legi possunt, ordine tamen et mensura servantur. Lorem impressa columna litteris minutis typographi antiqui dispositis, quae in imagine vix legi possunt, ordine tamen et mensura servantur. Lorem impressa columna litteris minutis typographi antiqui dispositis, quae in imagine vix legi possunt, ordine tamen et mensura servantur.
LAMBTON QUAY, WELLINGTON.
